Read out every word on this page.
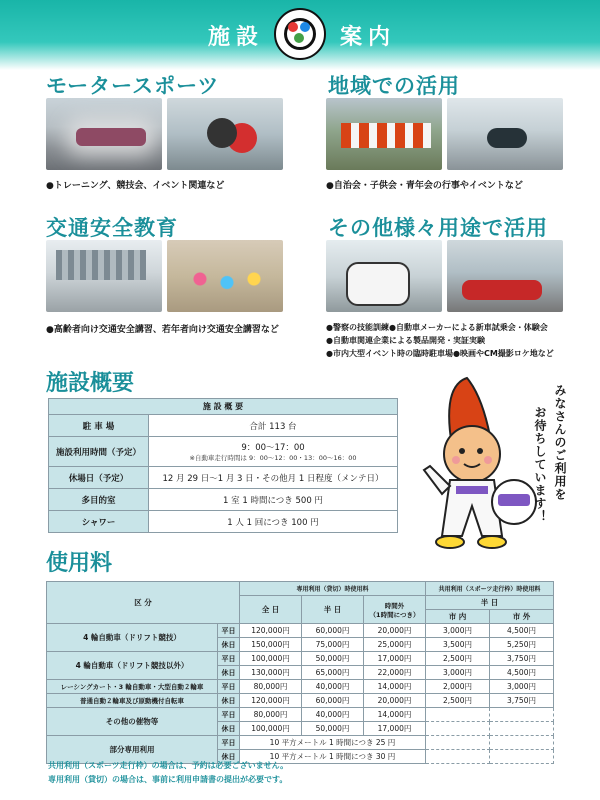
施設	案内
モータースポーツ
●トレーニング、競技会、イベント関連など
地域での活用
●自治会・子供会・青年会の行事やイベントなど
交通安全教育
●高齢者向け交通安全講習、若年者向け交通安全講習など
その他様々用途で活用
●警察の技能訓練●自動車メーカーによる新車試乗会・体験会
●自動車関連企業による製品開発・実証実験
●市内大型イベント時の臨時駐車場●映画やCM撮影ロケ地など
施設概要
施 設 概 要	
駐 車 場	合計 113 台
施設利用時間（予定）	9：00～17：00
※自動車走行時間は 9：00～12：00・13：00～16：00

休場日（予定）	12 月 29 日～1 月 3 日・その他月 1 日程度（メンテ日）
多目的室	1 室 1 時間につき 500 円
シャワー	1 人 1 回につき 100 円
みなさんのご利用を
お待ちしています！
使用料
区 分		専用利用（貸切）時使用料			共用利用（スポーツ走行枠）時使用料	
		全 日	半 日	時間外
（1時間につき）	半 日	
					市 内	市 外
4 輪自動車（ドリフト競技）	平日	120,000円	60,000円	20,000円	3,000円	4,500円
	休日	150,000円	75,000円	25,000円	3,500円	5,250円
4 輪自動車（ドリフト競技以外）	平日	100,000円	50,000円	17,000円	2,500円	3,750円
	休日	130,000円	65,000円	22,000円	3,000円	4,500円
レーシングカート・3 輪自動車・大型自動２輪車	平日	80,000円	40,000円	14,000円	2,000円	3,000円
普通自動２輪車及び原動機付自転車	休日	120,000円	60,000円	20,000円	2,500円	3,750円
その他の催物等	平日	80,000円	40,000円	14,000円		
	休日	100,000円	50,000円	17,000円		
部分専用利用	平日	10 平方メートル 1 時間につき 25 円				
	休日	10 平方メートル 1 時間につき 30 円				
共用利用（スポーツ走行枠）の場合は、予約は必要ございません。
専用利用（貸切）の場合は、事前に利用申請書の提出が必要です。
